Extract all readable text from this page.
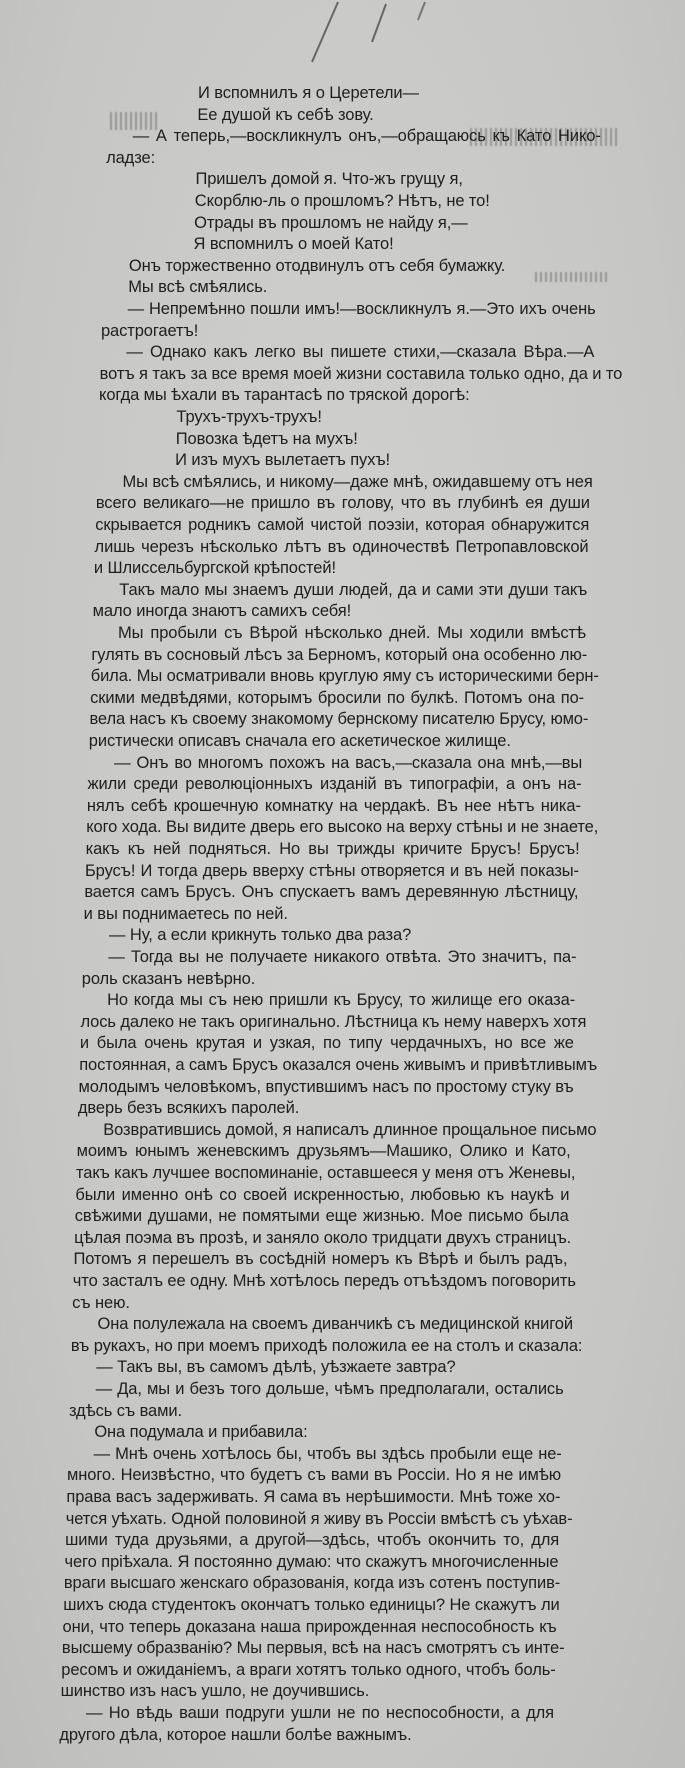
И вспомнилъ я о Церетели—
Ее душой къ себѣ зову.
— А теперь,—воскликнулъ онъ,—обращаюсь къ Като Нико-
ладзе:
Пришелъ домой я. Что-жъ грущу я,
Скорблю-ль о прошломъ? Нѣтъ, не то!
Отрады въ прошломъ не найду я,—
Я вспомнилъ о моей Като!
Онъ торжественно отодвинулъ отъ себя бумажку.
Мы всѣ смѣялись.
— Непремѣнно пошли имъ!—воскликнулъ я.—Это ихъ очень
растрогаетъ!
— Однако какъ легко вы пишете стихи,—сказала Вѣра.—А
вотъ я такъ за все время моей жизни составила только одно, да и то
когда мы ѣхали въ тарантасѣ по тряской дорогѣ:
Трухъ-трухъ-трухъ!
Повозка ѣдетъ на мухъ!
И изъ мухъ вылетаетъ пухъ!
Мы всѣ смѣялись, и никому—даже мнѣ, ожидавшему отъ нея
всего великаго—не пришло въ голову, что въ глубинѣ ея души
скрывается родникъ самой чистой поэзіи, которая обнаружится
лишь черезъ нѣсколько лѣтъ въ одиночествѣ Петропавловской
и Шлиссельбургской крѣпостей!
Такъ мало мы знаемъ души людей, да и сами эти души такъ
мало иногда знаютъ самихъ себя!
Мы пробыли съ Вѣрой нѣсколько дней. Мы ходили вмѣстѣ
гулять въ сосновый лѣсъ за Берномъ, который она особенно лю-
била. Мы осматривали вновь круглую яму съ историческими берн-
скими медвѣдями, которымъ бросили по булкѣ. Потомъ она по-
вела насъ къ своему знакомому бернскому писателю Брусу, юмо-
ристически описавъ сначала его аскетическое жилище.
— Онъ во многомъ похожъ на васъ,—сказала она мнѣ,—вы
жили среди революціонныхъ изданій въ типографіи, а онъ на-
нялъ себѣ крошечную комнатку на чердакѣ. Въ нее нѣтъ ника-
кого хода. Вы видите дверь его высоко на верху стѣны и не знаете,
какъ къ ней подняться. Но вы трижды кричите Брусъ! Брусъ!
Брусъ! И тогда дверь вверху стѣны отворяется и въ ней показы-
вается самъ Брусъ. Онъ спускаетъ вамъ деревянную лѣстницу,
и вы поднимаетесь по ней.
— Ну, а если крикнуть только два раза?
— Тогда вы не получаете никакого отвѣта. Это значитъ, па-
роль сказанъ невѣрно.
Но когда мы съ нею пришли къ Брусу, то жилище его оказа-
лось далеко не такъ оригинально. Лѣстница къ нему наверхъ хотя
и была очень крутая и узкая, по типу чердачныхъ, но все же
постоянная, а самъ Брусъ оказался очень живымъ и привѣтливымъ
молодымъ человѣкомъ, впустившимъ насъ по простому стуку въ
дверь безъ всякихъ паролей.
Возвратившись домой, я написалъ длинное прощальное письмо
моимъ юнымъ женевскимъ друзьямъ—Машико, Олико и Като,
такъ какъ лучшее воспоминаніе, оставшееся у меня отъ Женевы,
были именно онѣ со своей искренностью, любовью къ наукѣ и
свѣжими душами, не помятыми еще жизнью. Мое письмо была
цѣлая поэма въ прозѣ, и заняло около тридцати двухъ страницъ.
Потомъ я перешелъ въ сосѣдній номеръ къ Вѣрѣ и былъ радъ,
что засталъ ее одну. Мнѣ хотѣлось передъ отъѣздомъ поговорить
съ нею.
Она полулежала на своемъ диванчикѣ съ медицинской книгой
въ рукахъ, но при моемъ приходѣ положила ее на столъ и сказала:
— Такъ вы, въ самомъ дѣлѣ, уѣзжаете завтра?
— Да, мы и безъ того дольше, чѣмъ предполагали, остались
здѣсь съ вами.
Она подумала и прибавила:
— Мнѣ очень хотѣлось бы, чтобъ вы здѣсь пробыли еще не-
много. Неизвѣстно, что будетъ съ вами въ Россіи. Но я не имѣю
права васъ задерживать. Я сама въ нерѣшимости. Мнѣ тоже хо-
чется уѣхать. Одной половиной я живу въ Россіи вмѣстѣ съ уѣхав-
шими туда друзьями, а другой—здѣсь, чтобъ окончить то, для
чего пріѣхала. Я постоянно думаю: что скажутъ многочисленные
враги высшаго женскаго образованія, когда изъ сотенъ поступив-
шихъ сюда студентокъ окончатъ только единицы? Не скажутъ ли
они, что теперь доказана наша прирожденная неспособность къ
высшему образванію? Мы первыя, всѣ на насъ смотрятъ съ инте-
ресомъ и ожиданіемъ, а враги хотятъ только одного, чтобъ боль-
шинство изъ насъ ушло, не доучившись.
— Но вѣдь ваши подруги ушли не по неспособности, а для
другого дѣла, которое нашли болѣе важнымъ.
